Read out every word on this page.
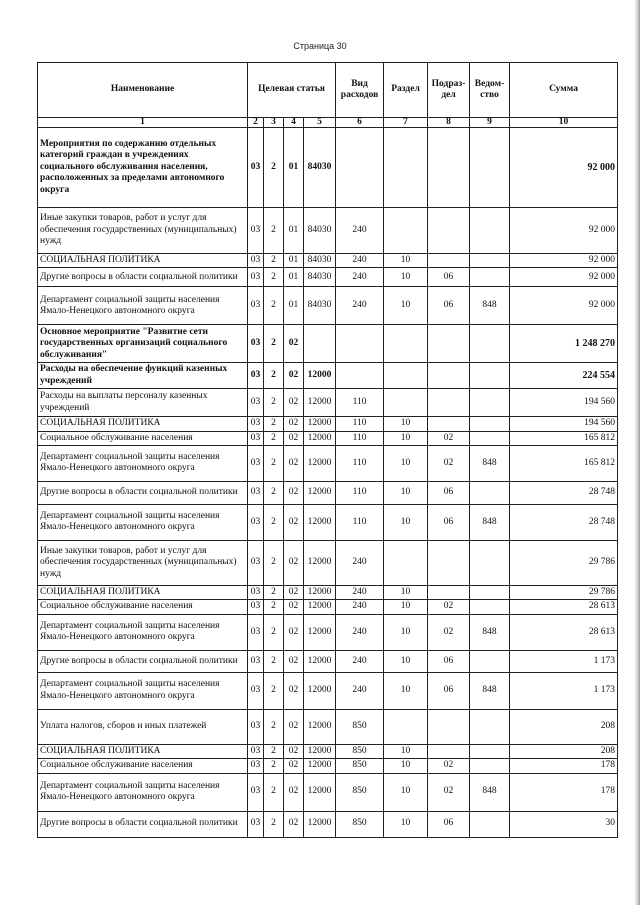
Страница 30
Наименование	Целевая статья				Вид расходов	Раздел	Подраз-дел	Ведом-ство	Сумма
1	2	3	4	5	6	7	8	9	10
Мероприятия по содержанию отдельных категорий граждан в учреждениях социального обслуживания населения, расположенных за пределами автономного округа	03	2	01	84030					92 000
Иные закупки товаров, работ и услуг для обеспечения государственных (муниципальных) нужд	03	2	01	84030	240				92 000
СОЦИАЛЬНАЯ ПОЛИТИКА	03	2	01	84030	240	10			92 000
Другие вопросы в области социальной политики	03	2	01	84030	240	10	06		92 000
Департамент социальной защиты населения Ямало-Ненецкого автономного округа	03	2	01	84030	240	10	06	848	92 000
Основное мероприятие "Развитие сети государственных организаций социального обслуживания"	03	2	02						1 248 270
Расходы на обеспечение функций казенных учреждений	03	2	02	12000					224 554
Расходы на выплаты персоналу казенных учреждений	03	2	02	12000	110				194 560
СОЦИАЛЬНАЯ ПОЛИТИКА	03	2	02	12000	110	10			194 560
Социальное обслуживание населения	03	2	02	12000	110	10	02		165 812
Департамент социальной защиты населения Ямало-Ненецкого автономного округа	03	2	02	12000	110	10	02	848	165 812
Другие вопросы в области социальной политики	03	2	02	12000	110	10	06		28 748
Департамент социальной защиты населения Ямало-Ненецкого автономного округа	03	2	02	12000	110	10	06	848	28 748
Иные закупки товаров, работ и услуг для обеспечения государственных (муниципальных) нужд	03	2	02	12000	240				29 786
СОЦИАЛЬНАЯ ПОЛИТИКА	03	2	02	12000	240	10			29 786
Социальное обслуживание населения	03	2	02	12000	240	10	02		28 613
Департамент социальной защиты населения Ямало-Ненецкого автономного округа	03	2	02	12000	240	10	02	848	28 613
Другие вопросы в области социальной политики	03	2	02	12000	240	10	06		1 173
Департамент социальной защиты населения Ямало-Ненецкого автономного округа	03	2	02	12000	240	10	06	848	1 173
Уплата налогов, сборов и иных платежей	03	2	02	12000	850				208
СОЦИАЛЬНАЯ ПОЛИТИКА	03	2	02	12000	850	10			208
Социальное обслуживание населения	03	2	02	12000	850	10	02		178
Департамент социальной защиты населения Ямало-Ненецкого автономного округа	03	2	02	12000	850	10	02	848	178
Другие вопросы в области социальной политики	03	2	02	12000	850	10	06		30
